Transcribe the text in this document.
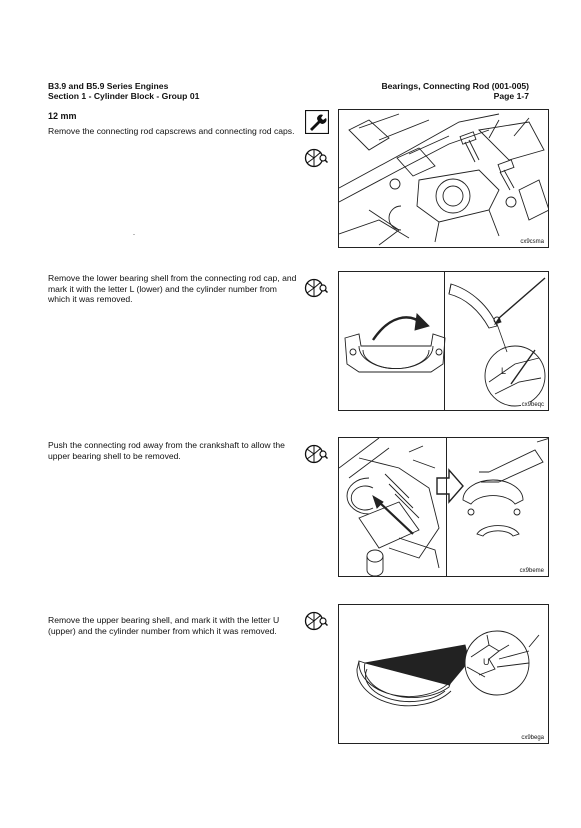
B3.9 and B5.9 Series Engines
Section 1 - Cylinder Block - Group 01
Bearings, Connecting Rod (001-005)
Page 1-7
12 mm
Remove the connecting rod capscrews and connecting rod caps.
cx9csma
Remove the lower bearing shell from the connecting rod cap, and mark it with the letter L (lower) and the cylinder number from which it was removed.
L
cx9beqc
Push the connecting rod away from the crankshaft to allow the upper bearing shell to be removed.
cx9beme
Remove the upper bearing shell, and mark it with the letter U (upper) and the cylinder number from which it was removed.
U
cx9bega
